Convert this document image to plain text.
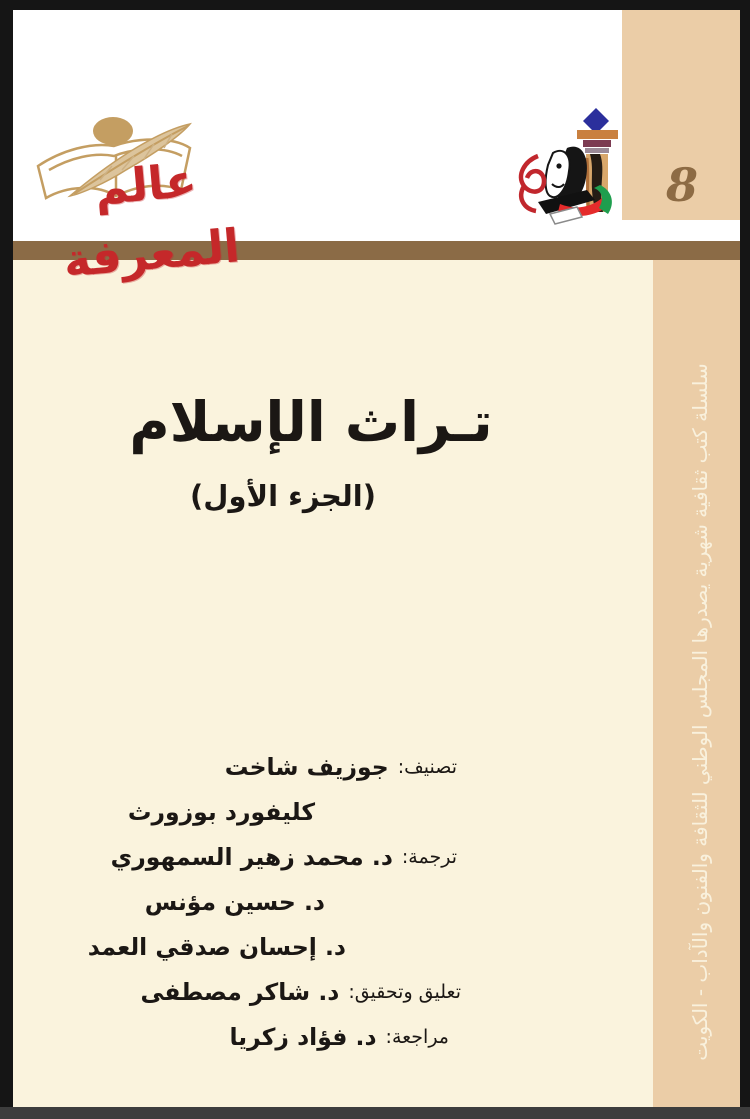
8
سلسلة كتب ثقافية شهرية يصدرها المجلس الوطني للثقافة والفنون والآداب - الكويت
عالم المعرفة
تـراث الإسلام
(الجزء الأول)
تصنيف:
جوزيف شاخت
كليفورد بوزورث
ترجمة:
د. محمد زهير السمهوري
د. حسين مؤنس
د. إحسان صدقي العمد
تعليق وتحقيق:
د. شاكر مصطفى
مراجعة:
د. فؤاد زكريا
